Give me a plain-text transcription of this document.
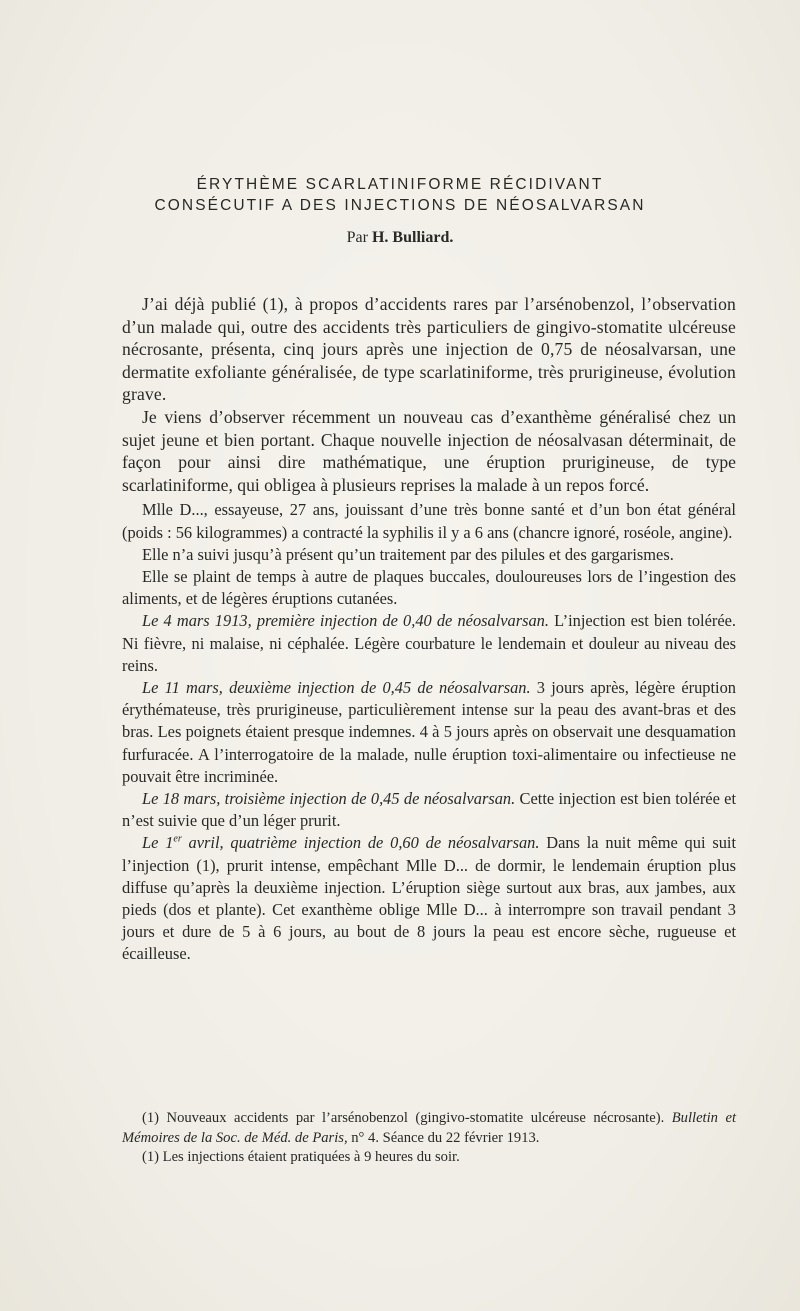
ÉRYTHÈME SCARLATINIFORME RÉCIDIVANT
CONSÉCUTIF A DES INJECTIONS DE NÉOSALVARSAN
Par H. Bulliard.

J’ai déjà publié (1), à propos d’accidents rares par l’arsénobenzol, l’observation d’un malade qui, outre des accidents très particuliers de gingivo-stomatite ulcéreuse nécrosante, présenta, cinq jours après une injection de 0,75 de néosalvarsan, une dermatite exfoliante généralisée, de type scarlatiniforme, très prurigineuse, évolution grave.

Je viens d’observer récemment un nouveau cas d’exanthème généralisé chez un sujet jeune et bien portant. Chaque nouvelle injection de néosalvasan déterminait, de façon pour ainsi dire mathématique, une éruption prurigineuse, de type scarlatiniforme, qui obligea à plusieurs reprises la malade à un repos forcé.

Mlle D..., essayeuse, 27 ans, jouissant d’une très bonne santé et d’un bon état général (poids : 56 kilogrammes) a contracté la syphilis il y a 6 ans (chancre ignoré, roséole, angine).

Elle n’a suivi jusqu’à présent qu’un traitement par des pilules et des gargarismes.

Elle se plaint de temps à autre de plaques buccales, douloureuses lors de l’ingestion des aliments, et de légères éruptions cutanées.

Le 4 mars 1913, première injection de 0,40 de néosalvarsan. L’injection est bien tolérée. Ni fièvre, ni malaise, ni céphalée. Légère courbature le lendemain et douleur au niveau des reins.

Le 11 mars, deuxième injection de 0,45 de néosalvarsan. 3 jours après, légère éruption érythémateuse, très prurigineuse, particulièrement intense sur la peau des avant-bras et des bras. Les poignets étaient presque indemnes. 4 à 5 jours après on observait une desquamation furfuracée. A l’interrogatoire de la malade, nulle éruption toxi-alimentaire ou infectieuse ne pouvait être incriminée.

Le 18 mars, troisième injection de 0,45 de néosalvarsan. Cette injection est bien tolérée et n’est suivie que d’un léger prurit.

Le 1er avril, quatrième injection de 0,60 de néosalvarsan. Dans la nuit même qui suit l’injection (1), prurit intense, empêchant Mlle D... de dormir, le lendemain éruption plus diffuse qu’après la deuxième injection. L’éruption siège surtout aux bras, aux jambes, aux pieds (dos et plante). Cet exanthème oblige Mlle D... à interrompre son travail pendant 3 jours et dure de 5 à 6 jours, au bout de 8 jours la peau est encore sèche, rugueuse et écailleuse.

(1) Nouveaux accidents par l’arsénobenzol (gingivo-stomatite ulcéreuse nécrosante). Bulletin et Mémoires de la Soc. de Méd. de Paris, n° 4. Séance du 22 février 1913.

(1) Les injections étaient pratiquées à 9 heures du soir.
